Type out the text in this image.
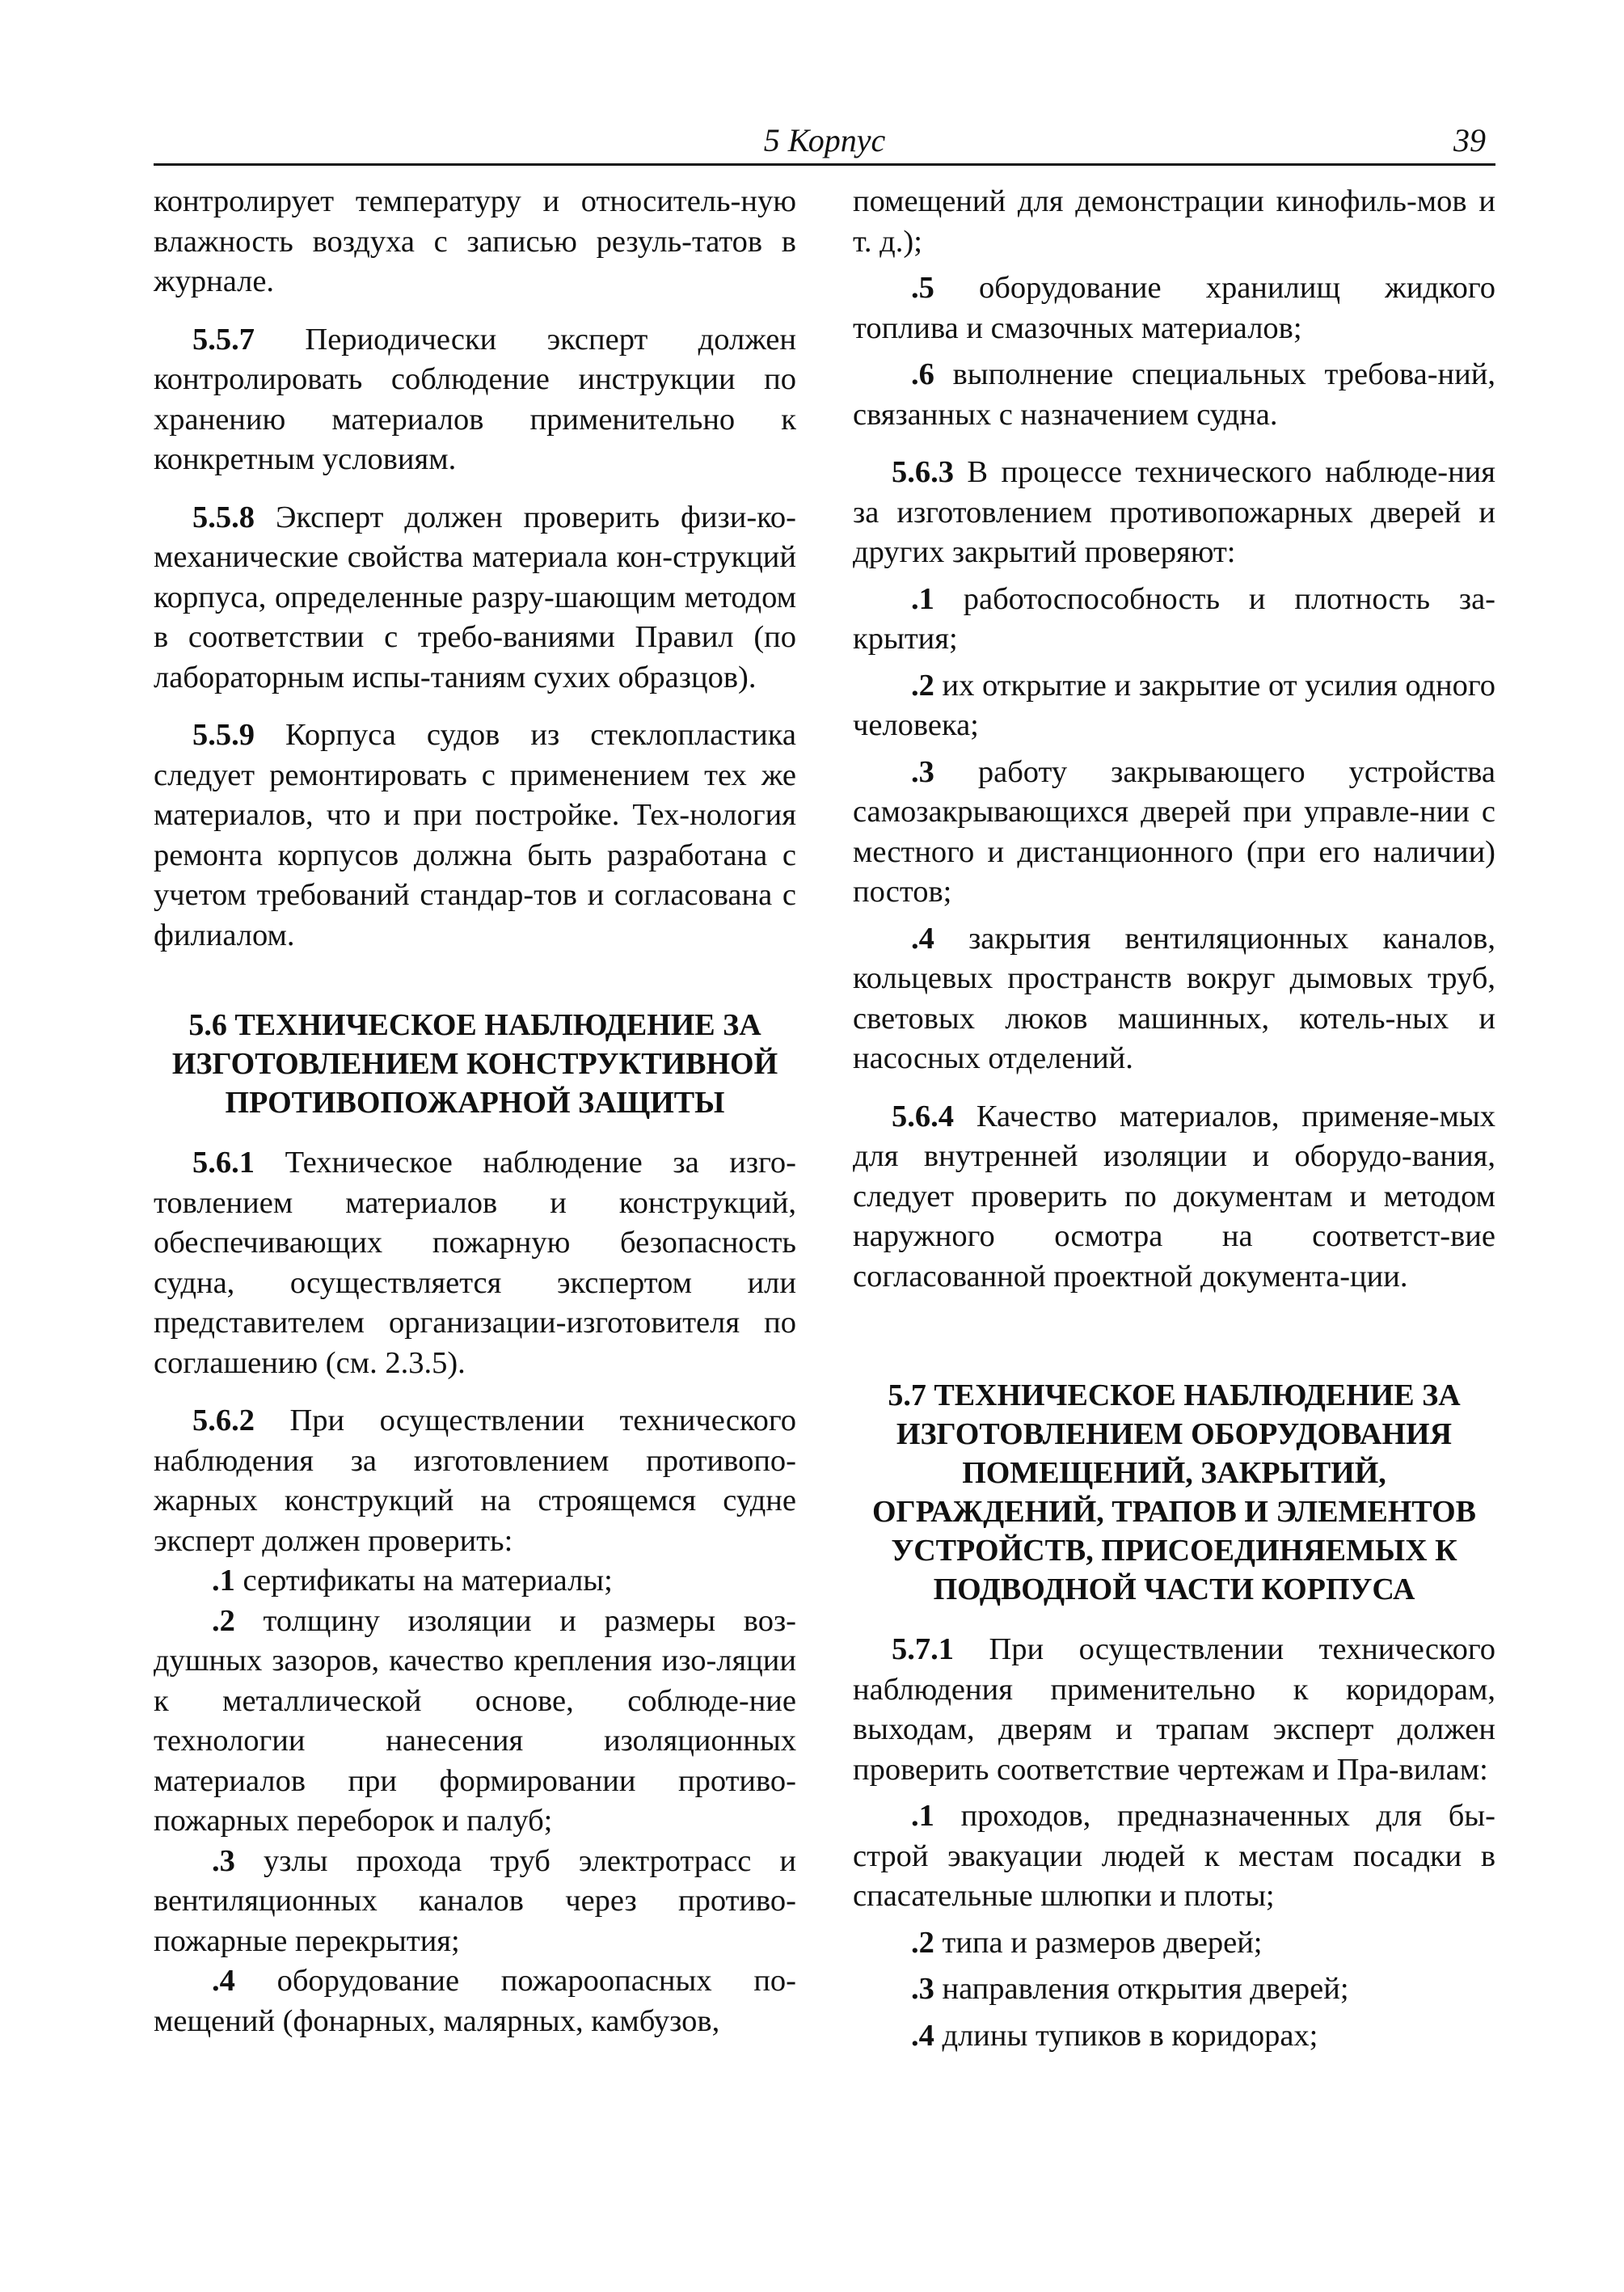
5 Корпус	39

контролирует температуру и относитель-ную влажность воздуха с записью резуль-татов в журнале.

5.5.7 Периодически эксперт должен контролировать соблюдение инструкции по хранению материалов применительно к конкретным условиям.

5.5.8 Эксперт должен проверить физи-ко-механические свойства материала кон-струкций корпуса, определенные разру-шающим методом в соответствии с требо-ваниями Правил (по лабораторным испы-таниям сухих образцов).

5.5.9 Корпуса судов из стеклопластика следует ремонтировать с применением тех же материалов, что и при постройке. Тех-нология ремонта корпусов должна быть разработана с учетом требований стандар-тов и согласована с филиалом.

5.6 ТЕХНИЧЕСКОЕ НАБЛЮДЕНИЕ ЗА ИЗГОТОВЛЕНИЕМ КОНСТРУКТИВНОЙ ПРОТИВОПОЖАРНОЙ ЗАЩИТЫ

5.6.1 Техническое наблюдение за изго-товлением материалов и конструкций, обеспечивающих пожарную безопасность судна, осуществляется экспертом или представителем организации-изготовителя по соглашению (см. 2.3.5).

5.6.2 При осуществлении технического наблюдения за изготовлением противопо-жарных конструкций на строящемся судне эксперт должен проверить:

.1 сертификаты на материалы;

.2 толщину изоляции и размеры воз-душных зазоров, качество крепления изо-ляции к металлической основе, соблюде-ние технологии нанесения изоляционных материалов при формировании противо-пожарных переборок и палуб;

.3 узлы прохода труб электротрасс и вентиляционных каналов через противо-пожарные перекрытия;

.4 оборудование пожароопасных по-мещений (фонарных, малярных, камбузов,

помещений для демонстрации кинофиль-мов и т. д.);

.5 оборудование хранилищ жидкого топлива и смазочных материалов;

.6 выполнение специальных требова-ний, связанных с назначением судна.

5.6.3 В процессе технического наблюде-ния за изготовлением противопожарных дверей и других закрытий проверяют:

.1 работоспособность и плотность за-крытия;

.2 их открытие и закрытие от усилия одного человека;

.3 работу закрывающего устройства самозакрывающихся дверей при управле-нии с местного и дистанционного (при его наличии) постов;

.4 закрытия вентиляционных каналов, кольцевых пространств вокруг дымовых труб, световых люков машинных, котель-ных и насосных отделений.

5.6.4 Качество материалов, применяе-мых для внутренней изоляции и оборудо-вания, следует проверить по документам и методом наружного осмотра на соответст-вие согласованной проектной документа-ции.

5.7 ТЕХНИЧЕСКОЕ НАБЛЮДЕНИЕ ЗА ИЗГОТОВЛЕНИЕМ ОБОРУДОВАНИЯ ПОМЕЩЕНИЙ, ЗАКРЫТИЙ, ОГРАЖДЕНИЙ, ТРАПОВ И ЭЛЕМЕНТОВ УСТРОЙСТВ, ПРИСОЕДИНЯЕМЫХ К ПОДВОДНОЙ ЧАСТИ КОРПУСА

5.7.1 При осуществлении технического наблюдения применительно к коридорам, выходам, дверям и трапам эксперт должен проверить соответствие чертежам и Пра-вилам:

.1 проходов, предназначенных для бы-строй эвакуации людей к местам посадки в спасательные шлюпки и плоты;

.2 типа и размеров дверей;

.3 направления открытия дверей;

.4 длины тупиков в коридорах;
